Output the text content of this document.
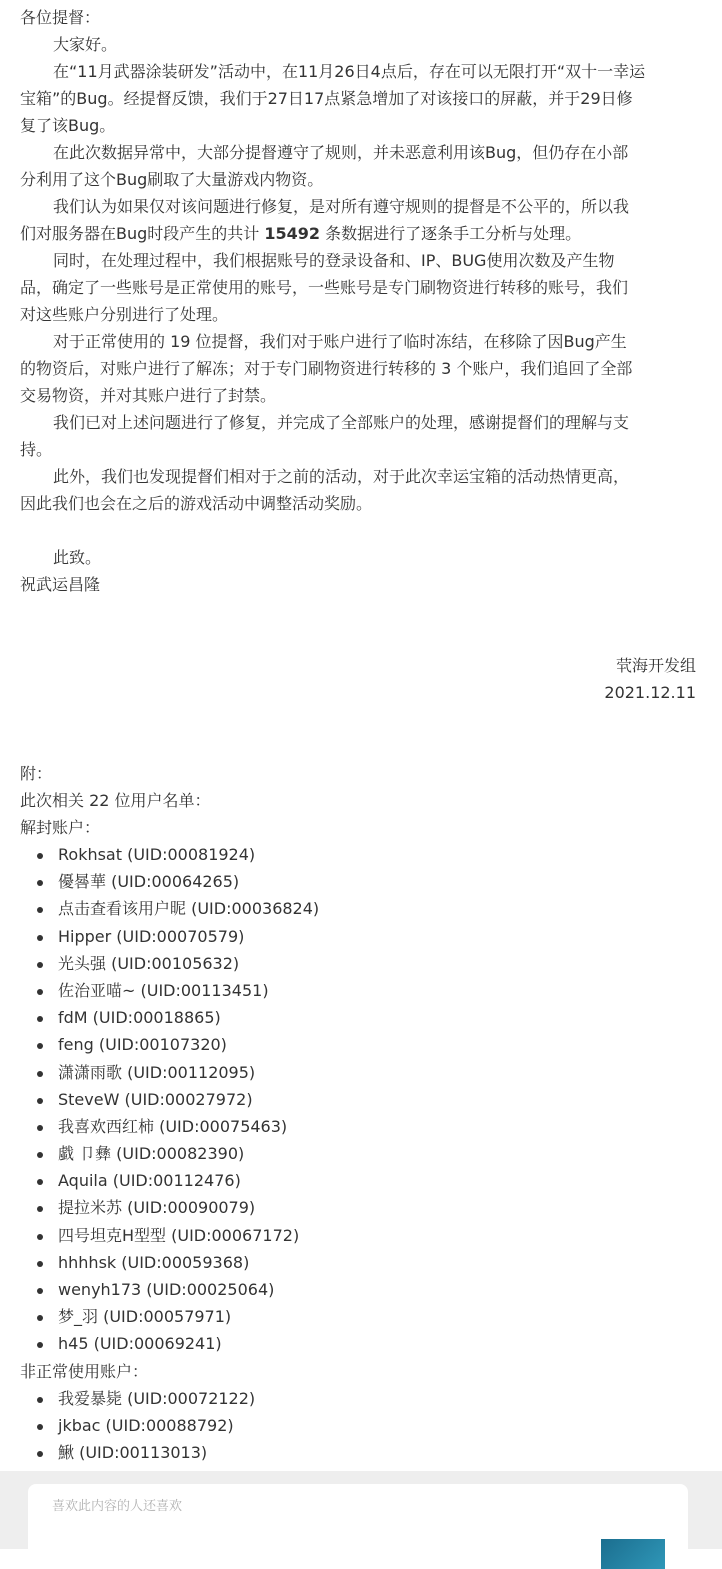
各位提督：
大家好。
在“11月武器涂装研发”活动中，在11月26日4点后，存在可以无限打开“双十一幸运
宝箱”的Bug。经提督反馈，我们于27日17点紧急增加了对该接口的屏蔽，并于29日修
复了该Bug。
在此次数据异常中，大部分提督遵守了规则，并未恶意利用该Bug，但仍存在小部
分利用了这个Bug刷取了大量游戏内物资。
我们认为如果仅对该问题进行修复，是对所有遵守规则的提督是不公平的，所以我
们对服务器在Bug时段产生的共计 15492 条数据进行了逐条手工分析与处理。
同时，在处理过程中，我们根据账号的登录设备和、IP、BUG使用次数及产生物
品，确定了一些账号是正常使用的账号，一些账号是专门刷物资进行转移的账号，我们
对这些账户分别进行了处理。
对于正常使用的 19 位提督，我们对于账户进行了临时冻结，在移除了因Bug产生
的物资后，对账户进行了解冻；对于专门刷物资进行转移的 3 个账户，我们追回了全部
交易物资，并对其账户进行了封禁。
我们已对上述问题进行了修复，并完成了全部账户的处理，感谢提督们的理解与支
持。
此外，我们也发现提督们相对于之前的活动，对于此次幸运宝箱的活动热情更高，
因此我们也会在之后的游戏活动中调整活动奖励。
此致。
祝武运昌隆
茕海开发组
2021.12.11
附：
此次相关 22 位用户名单：
解封账户：
Rokhsat (UID:00081924)
優晷華 (UID:00064265)
点击查看该用户昵 (UID:00036824)
Hipper (UID:00070579)
光头强 (UID:00105632)
佐治亚喵~ (UID:00113451)
fdM (UID:00018865)
feng (UID:00107320)
潇潇雨歌 (UID:00112095)
SteveW (UID:00027972)
我喜欢西红柿 (UID:00075463)
戱 卩彝 (UID:00082390)
Aquila (UID:00112476)
提拉米苏 (UID:00090079)
四号坦克H型型 (UID:00067172)
hhhhsk (UID:00059368)
wenyh173 (UID:00025064)
梦_羽 (UID:00057971)
h45 (UID:00069241)
非正常使用账户：
我爱暴毙 (UID:00072122)
jkbac (UID:00088792)
鰍 (UID:00113013)
喜欢此内容的人还喜欢
